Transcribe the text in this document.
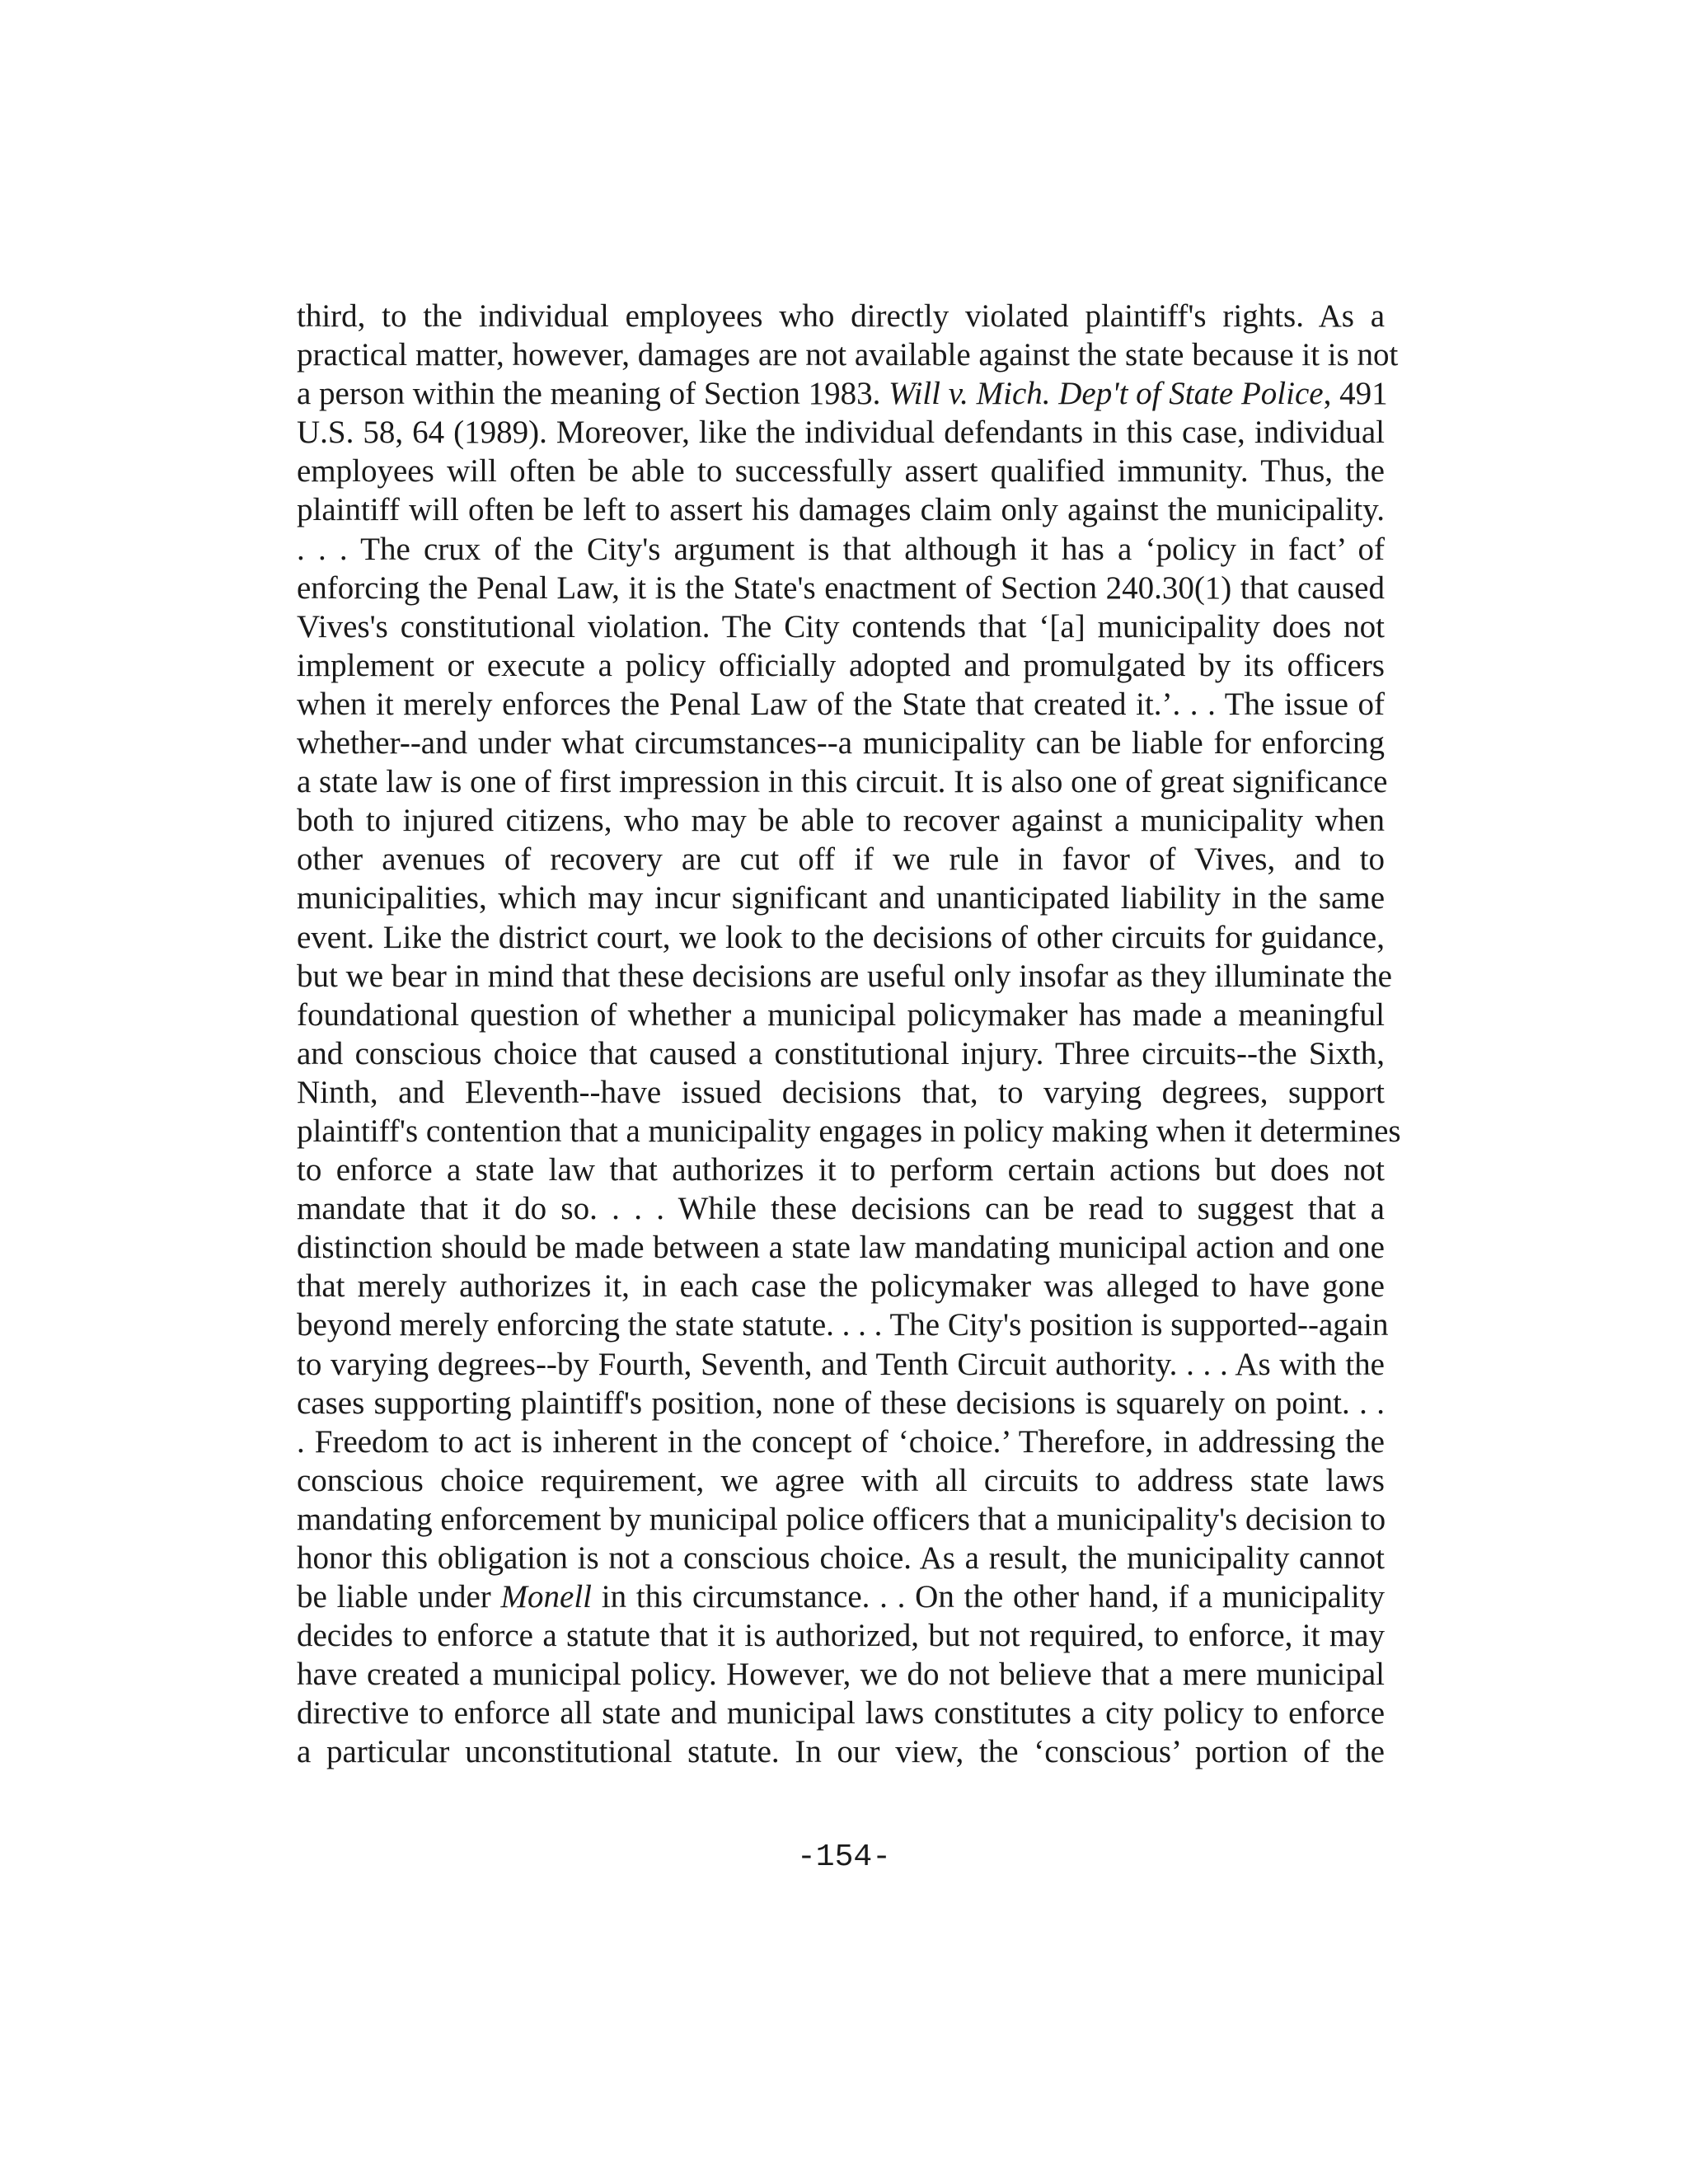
third, to the individual employees who directly violated plaintiff's rights. As a
practical matter, however, damages are not available against the state because it is not
a person within the meaning of Section 1983. Will v. Mich. Dep't of State Police, 491
U.S. 58, 64 (1989). Moreover, like the individual defendants in this case, individual
employees will often be able to successfully assert qualified immunity. Thus, the
plaintiff will often be left to assert his damages claim only against the municipality.
. . . The crux of the City's argument is that although it has a ‘policy in fact’ of
enforcing the Penal Law, it is the State's enactment of Section 240.30(1) that caused
Vives's constitutional violation. The City contends that ‘[a] municipality does not
implement or execute a policy officially adopted and promulgated by its officers
when it merely enforces the Penal Law of the State that created it.’. . . The issue of
whether--and under what circumstances--a municipality can be liable for enforcing
a state law is one of first impression in this circuit. It is also one of great significance
both to injured citizens, who may be able to recover against a municipality when
other avenues of recovery are cut off if we rule in favor of Vives, and to
municipalities, which may incur significant and unanticipated liability in the same
event. Like the district court, we look to the decisions of other circuits for guidance,
but we bear in mind that these decisions are useful only insofar as they illuminate the
foundational question of whether a municipal policymaker has made a meaningful
and conscious choice that caused a constitutional injury. Three circuits--the Sixth,
Ninth, and Eleventh--have issued decisions that, to varying degrees, support
plaintiff's contention that a municipality engages in policy making when it determines
to enforce a state law that authorizes it to perform certain actions but does not
mandate that it do so. . . . While these decisions can be read to suggest that a
distinction should be made between a state law mandating municipal action and one
that merely authorizes it, in each case the policymaker was alleged to have gone
beyond merely enforcing the state statute. . . . The City's position is supported--again
to varying degrees--by Fourth, Seventh, and Tenth Circuit authority. . . . As with the
cases supporting plaintiff's position, none of these decisions is squarely on point. . .
. Freedom to act is inherent in the concept of ‘choice.’ Therefore, in addressing the
conscious choice requirement, we agree with all circuits to address state laws
mandating enforcement by municipal police officers that a municipality's decision to
honor this obligation is not a conscious choice. As a result, the municipality cannot
be liable under Monell in this circumstance. . . On the other hand, if a municipality
decides to enforce a statute that it is authorized, but not required, to enforce, it may
have created a municipal policy. However, we do not believe that a mere municipal
directive to enforce all state and municipal laws constitutes a city policy to enforce
a particular unconstitutional statute. In our view, the ‘conscious’ portion of the

-154-
